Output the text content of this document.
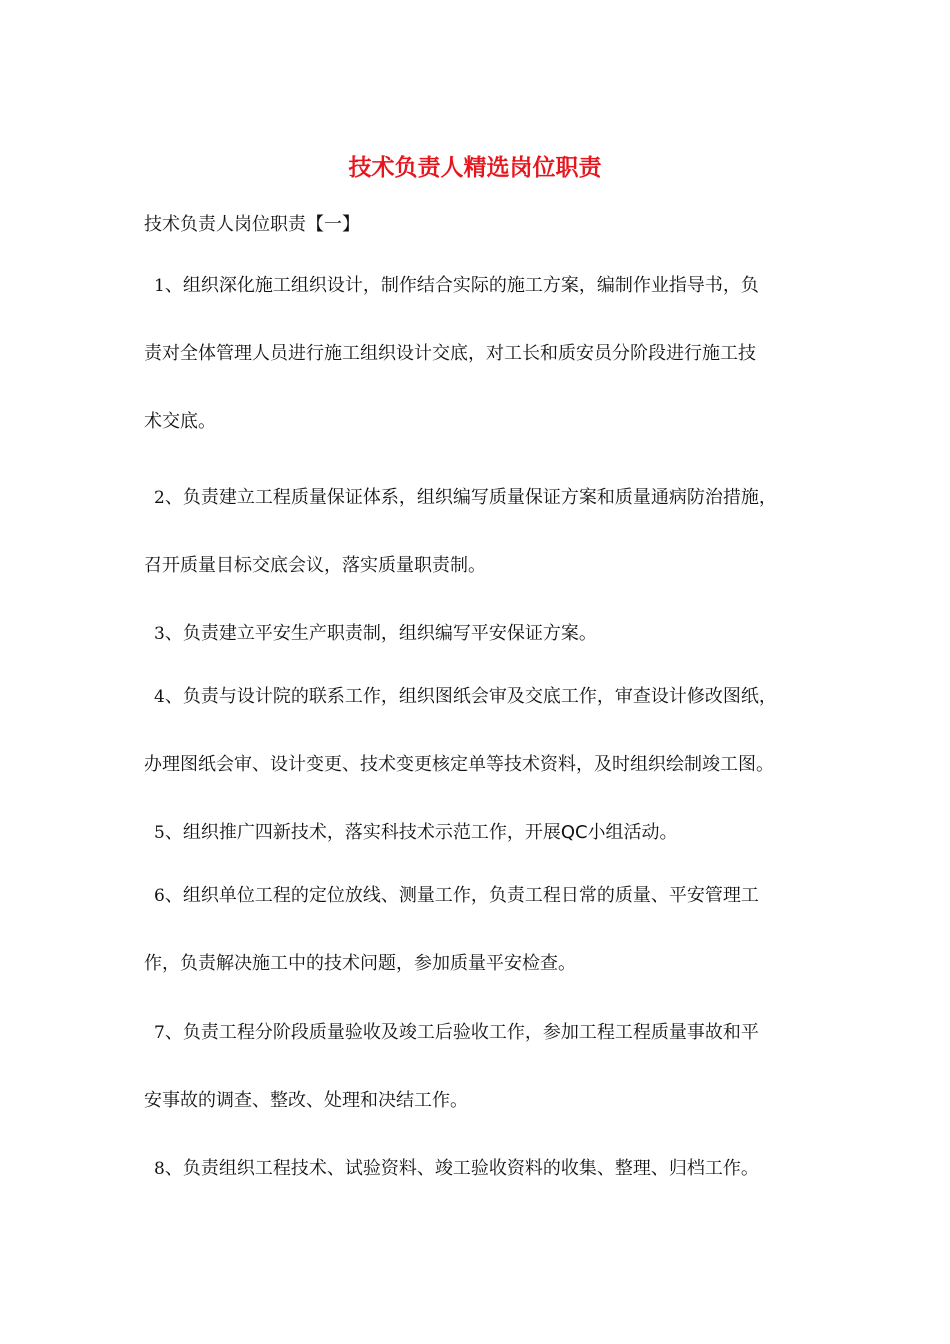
技术负责人精选岗位职责
技术负责人岗位职责【一】
1、组织深化施工组织设计，制作结合实际的施工方案，编制作业指导书，负
责对全体管理人员进行施工组织设计交底，对工长和质安员分阶段进行施工技
术交底。
2、负责建立工程质量保证体系，组织编写质量保证方案和质量通病防治措施，
召开质量目标交底会议，落实质量职责制。
3、负责建立平安生产职责制，组织编写平安保证方案。
4、负责与设计院的联系工作，组织图纸会审及交底工作，审查设计修改图纸，
办理图纸会审、设计变更、技术变更核定单等技术资料，及时组织绘制竣工图。
5、组织推广四新技术，落实科技术示范工作，开展QC小组活动。
6、组织单位工程的定位放线、测量工作，负责工程日常的质量、平安管理工
作，负责解决施工中的技术问题，参加质量平安检查。
7、负责工程分阶段质量验收及竣工后验收工作，参加工程工程质量事故和平
安事故的调查、整改、处理和决结工作。
8、负责组织工程技术、试验资料、竣工验收资料的收集、整理、归档工作。
